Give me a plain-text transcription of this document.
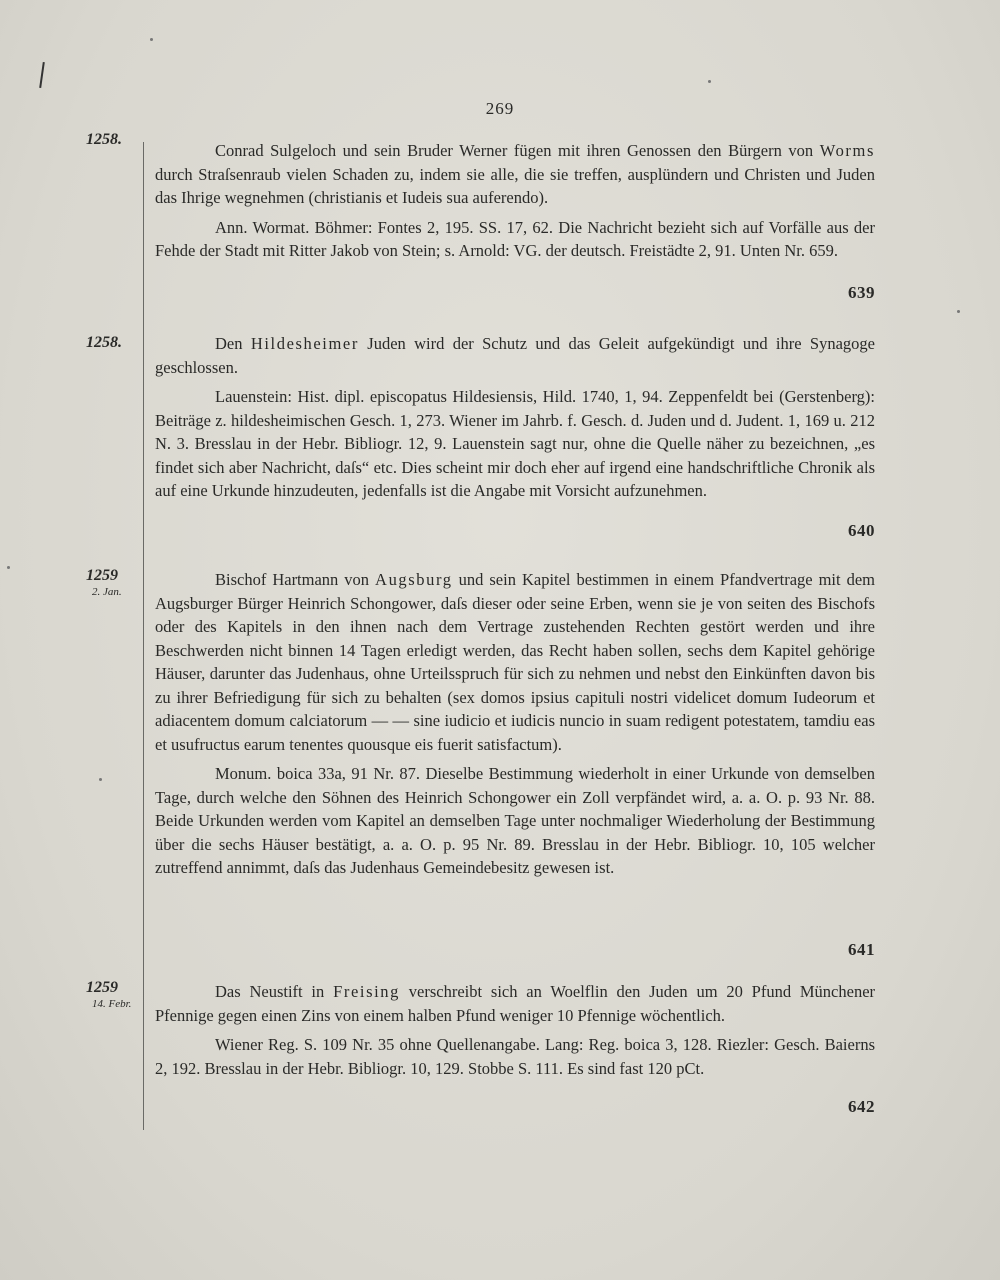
269
1258.

Conrad Sulgeloch und sein Bruder Werner fügen mit ihren Genossen den Bürgern von Worms durch Straſsenraub vielen Schaden zu, indem sie alle, die sie treffen, ausplündern und Christen und Juden das Ihrige wegnehmen (christianis et Iudeis sua auferendo).

Ann. Wormat. Böhmer: Fontes 2, 195. SS. 17, 62. Die Nachricht bezieht sich auf Vorfälle aus der Fehde der Stadt mit Ritter Jakob von Stein; s. Arnold: VG. der deutsch. Freistädte 2, 91. Unten Nr. 659.

639
1258.	Den Hildesheimer Juden wird der Schutz und das Geleit aufgekündigt und ihre Synagoge geschlossen.

Lauenstein: Hist. dipl. episcopatus Hildesiensis, Hild. 1740, 1, 94. Zeppenfeldt bei (Gerstenberg): Beiträge z. hildesheimischen Gesch. 1, 273. Wiener im Jahrb. f. Gesch. d. Juden und d. Judent. 1, 169 u. 212 N. 3. Bresslau in der Hebr. Bibliogr. 12, 9. Lauenstein sagt nur, ohne die Quelle näher zu bezeichnen, „es findet sich aber Nachricht, daſs“ etc. Dies scheint mir doch eher auf irgend eine handschriftliche Chronik als auf eine Urkunde hinzudeuten, jedenfalls ist die Angabe mit Vorsicht aufzunehmen.

640
1259
2. Jan.

Bischof Hartmann von Augsburg und sein Kapitel bestimmen in einem Pfandvertrage mit dem Augsburger Bürger Heinrich Schongower, daſs dieser oder seine Erben, wenn sie je von seiten des Bischofs oder des Kapitels in den ihnen nach dem Vertrage zustehenden Rechten gestört werden und ihre Beschwerden nicht binnen 14 Tagen erledigt werden, das Recht haben sollen, sechs dem Kapitel gehörige Häuser, darunter das Judenhaus, ohne Urteilsspruch für sich zu nehmen und nebst den Einkünften davon bis zu ihrer Befriedigung für sich zu behalten (sex domos ipsius capituli nostri videlicet domum Iudeorum et adiacentem domum calciatorum — — sine iudicio et iudicis nuncio in suam redigent potestatem, tamdiu eas et usufructus earum tenentes quousque eis fuerit satisfactum).

Monum. boica 33a, 91 Nr. 87. Dieselbe Bestimmung wiederholt in einer Urkunde von demselben Tage, durch welche den Söhnen des Heinrich Schongower ein Zoll verpfändet wird, a. a. O. p. 93 Nr. 88. Beide Urkunden werden vom Kapitel an demselben Tage unter nochmaliger Wiederholung der Bestimmung über die sechs Häuser bestätigt, a. a. O. p. 95 Nr. 89. Bresslau in der Hebr. Bibliogr. 10, 105 welcher zutreffend annimmt, daſs das Judenhaus Gemeindebesitz gewesen ist.

641
1259
14. Febr.

Das Neustift in Freising verschreibt sich an Woelflin den Juden um 20 Pfund Münchener Pfennige gegen einen Zins von einem halben Pfund weniger 10 Pfennige wöchentlich.

Wiener Reg. S. 109 Nr. 35 ohne Quellenangabe. Lang: Reg. boica 3, 128. Riezler: Gesch. Baierns 2, 192. Bresslau in der Hebr. Bibliogr. 10, 129. Stobbe S. 111. Es sind fast 120 pCt.

642
